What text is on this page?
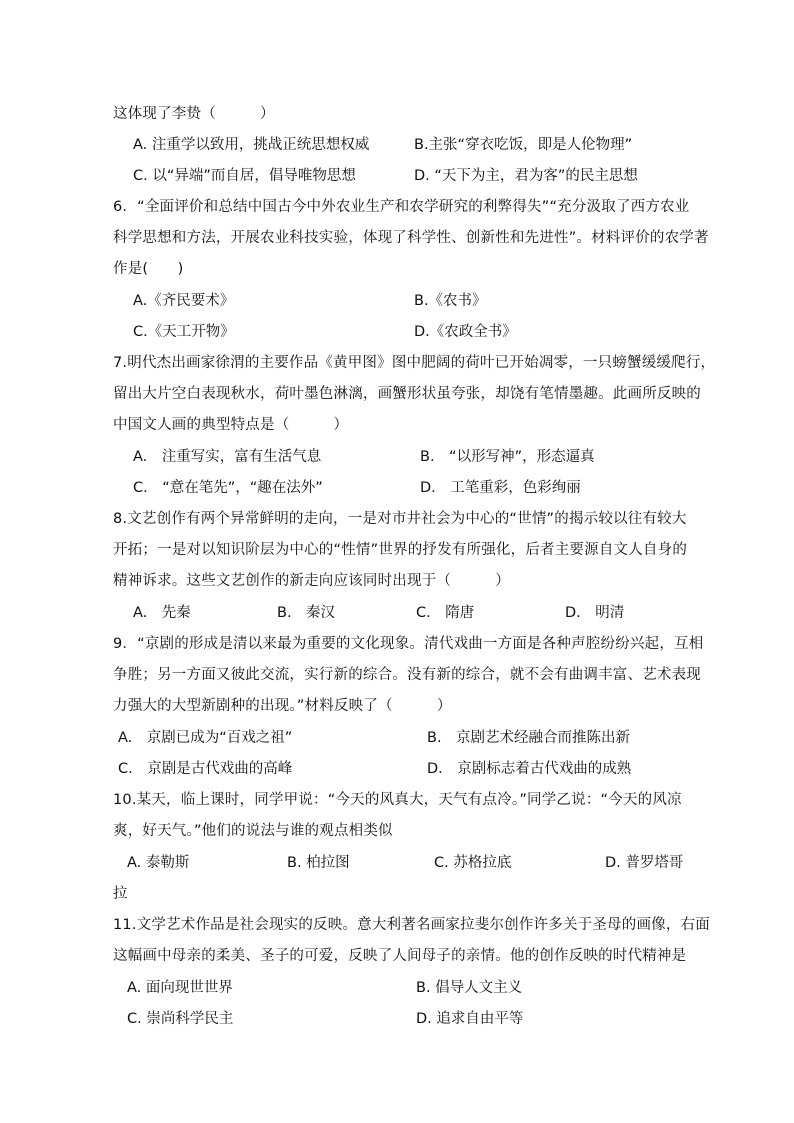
这体现了李贽（　　　）
A. 注重学以致用，挑战正统思想权威	B.主张“穿衣吃饭，即是人伦物理”
C. 以“异端”而自居，倡导唯物思想	D. “天下为主，君为客”的民主思想
6．“全面评价和总结中国古今中外农业生产和农学研究的利弊得失”“充分汲取了西方农业
科学思想和方法，开展农业科技实验，体现了科学性、创新性和先进性”。材料评价的农学著
作是(　　)
A.《齐民要术》	B.《农书》
C.《天工开物》	D.《农政全书》
7.明代杰出画家徐渭的主要作品《黄甲图》图中肥阔的荷叶已开始凋零，一只螃蟹缓缓爬行，
留出大片空白表现秋水，荷叶墨色淋漓，画蟹形状虽夸张，却饶有笔情墨趣。此画所反映的
中国文人画的典型特点是（　　　）
A.　注重写实，富有生活气息	B.　“以形写神”，形态逼真
C.　“意在笔先”，“趣在法外”	D.　工笔重彩，色彩绚丽
8.文艺创作有两个异常鲜明的走向，一是对市井社会为中心的“世情”的揭示较以往有较大
开拓；一是对以知识阶层为中心的“性情”世界的抒发有所强化，后者主要源自文人自身的
精神诉求。这些文艺创作的新走向应该同时出现于（　　　）
A.　先秦	B.　秦汉	C.　隋唐	D.　明清
9．“京剧的形成是清以来最为重要的文化现象。清代戏曲一方面是各种声腔纷纷兴起，互相
争胜；另一方面又彼此交流，实行新的综合。没有新的综合，就不会有曲调丰富、艺术表现
力强大的大型新剧种的出现。”材料反映了（　　　）
A.　京剧已成为“百戏之祖”	B.　京剧艺术经融合而推陈出新
C.　京剧是古代戏曲的高峰	D.　京剧标志着古代戏曲的成熟
10.某天，临上课时，同学甲说：“今天的风真大，天气有点冷。”同学乙说：“今天的风凉
爽，好天气。”他们的说法与谁的观点相类似
A. 泰勒斯	B. 柏拉图	C. 苏格拉底	D. 普罗塔哥
拉
11.文学艺术作品是社会现实的反映。意大利著名画家拉斐尔创作许多关于圣母的画像，右面
这幅画中母亲的柔美、圣子的可爱，反映了人间母子的亲情。他的创作反映的时代精神是
A. 面向现世世界	B. 倡导人文主义
C. 崇尚科学民主	D. 追求自由平等
